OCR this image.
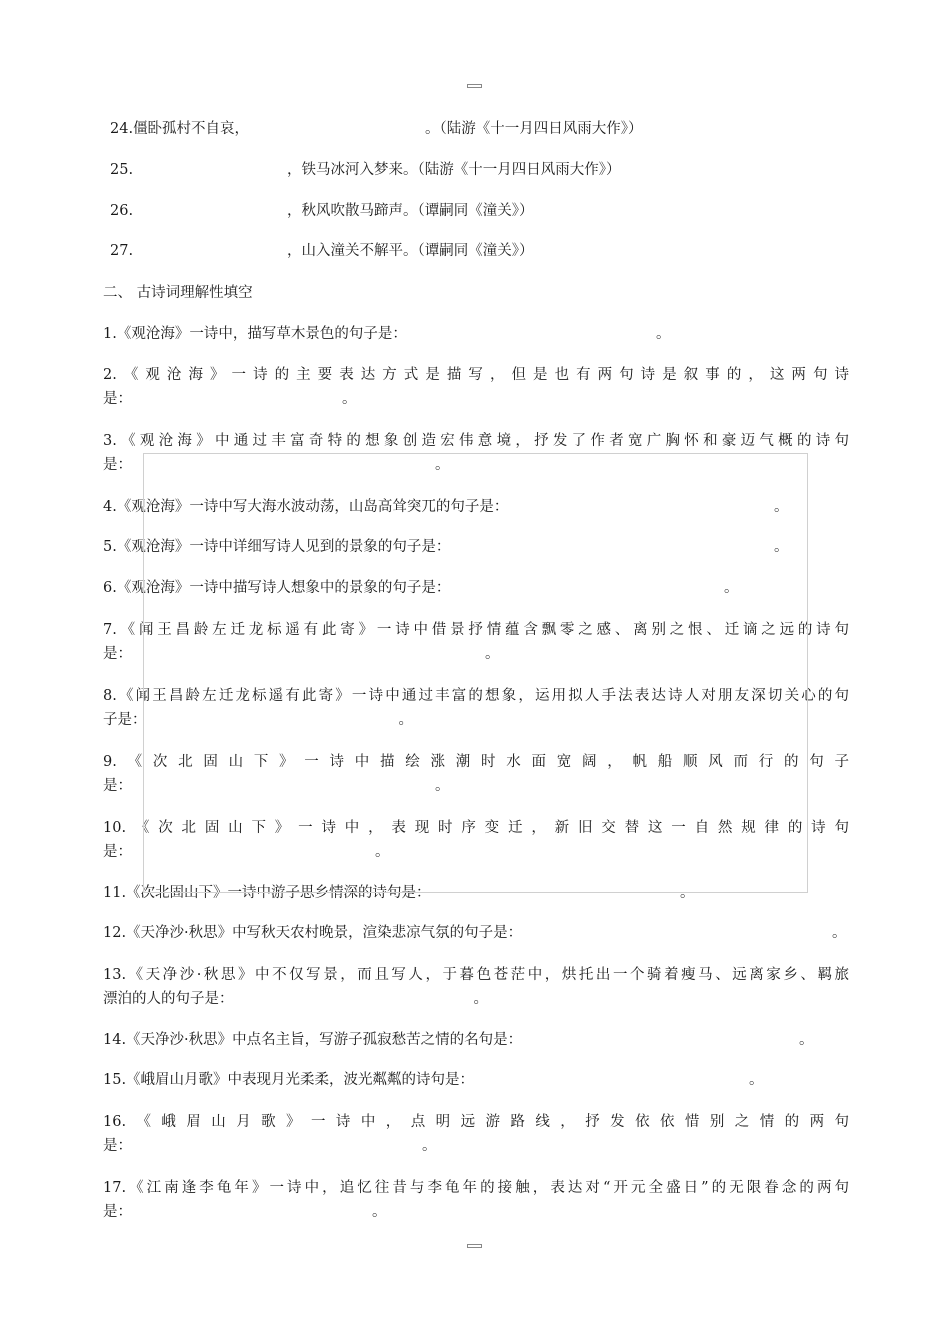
24.僵卧孤村不自哀，	。（陆游《十一月四日风雨大作》）
25.	，铁马冰河入梦来。（陆游《十一月四日风雨大作》）
26.	，秋风吹散马蹄声。（谭嗣同《潼关》）
27.	，山入潼关不解平。（谭嗣同《潼关》）
二、 古诗词理解性填空
1.《观沧海》一诗中，描写草木景色的句子是：	。
2.《观沧海》一诗的主要表达方式是描写，但是也有两句诗是叙事的，这两句诗
是：	。
3.《观沧海》中通过丰富奇特的想象创造宏伟意境，抒发了作者宽广胸怀和豪迈气概的诗句
是：	。
4.《观沧海》一诗中写大海水波动荡，山岛高耸突兀的句子是：	。
5.《观沧海》一诗中详细写诗人见到的景象的句子是：	。
6.《观沧海》一诗中描写诗人想象中的景象的句子是：	。
7.《闻王昌龄左迁龙标遥有此寄》一诗中借景抒情蕴含飘零之感、离别之恨、迁谪之远的诗句
是：	。
8.《闻王昌龄左迁龙标遥有此寄》一诗中通过丰富的想象，运用拟人手法表达诗人对朋友深切关心的句
子是：	。
9.《次北固山下》一诗中描绘涨潮时水面宽阔，帆船顺风而行的句子
是：	。
10.《次北固山下》一诗中，表现时序变迁，新旧交替这一自然规律的诗句
是：	。
11.《次北固山下》一诗中游子思乡情深的诗句是：	。
12.《天净沙·秋思》中写秋天农村晚景，渲染悲凉气氛的句子是：	。
13.《天净沙·秋思》中不仅写景，而且写人，于暮色苍茫中，烘托出一个骑着瘦马、远离家乡、羁旅
漂泊的人的句子是：	。
14.《天净沙·秋思》中点名主旨，写游子孤寂愁苦之情的名句是：	。
15.《峨眉山月歌》中表现月光柔柔，波光粼粼的诗句是：	。
16.《峨眉山月歌》一诗中，点明远游路线，抒发依依惜别之情的两句
是：	。
17.《江南逢李龟年》一诗中，追忆往昔与李龟年的接触，表达对“开元全盛日”的无限眷念的两句
是：	。
